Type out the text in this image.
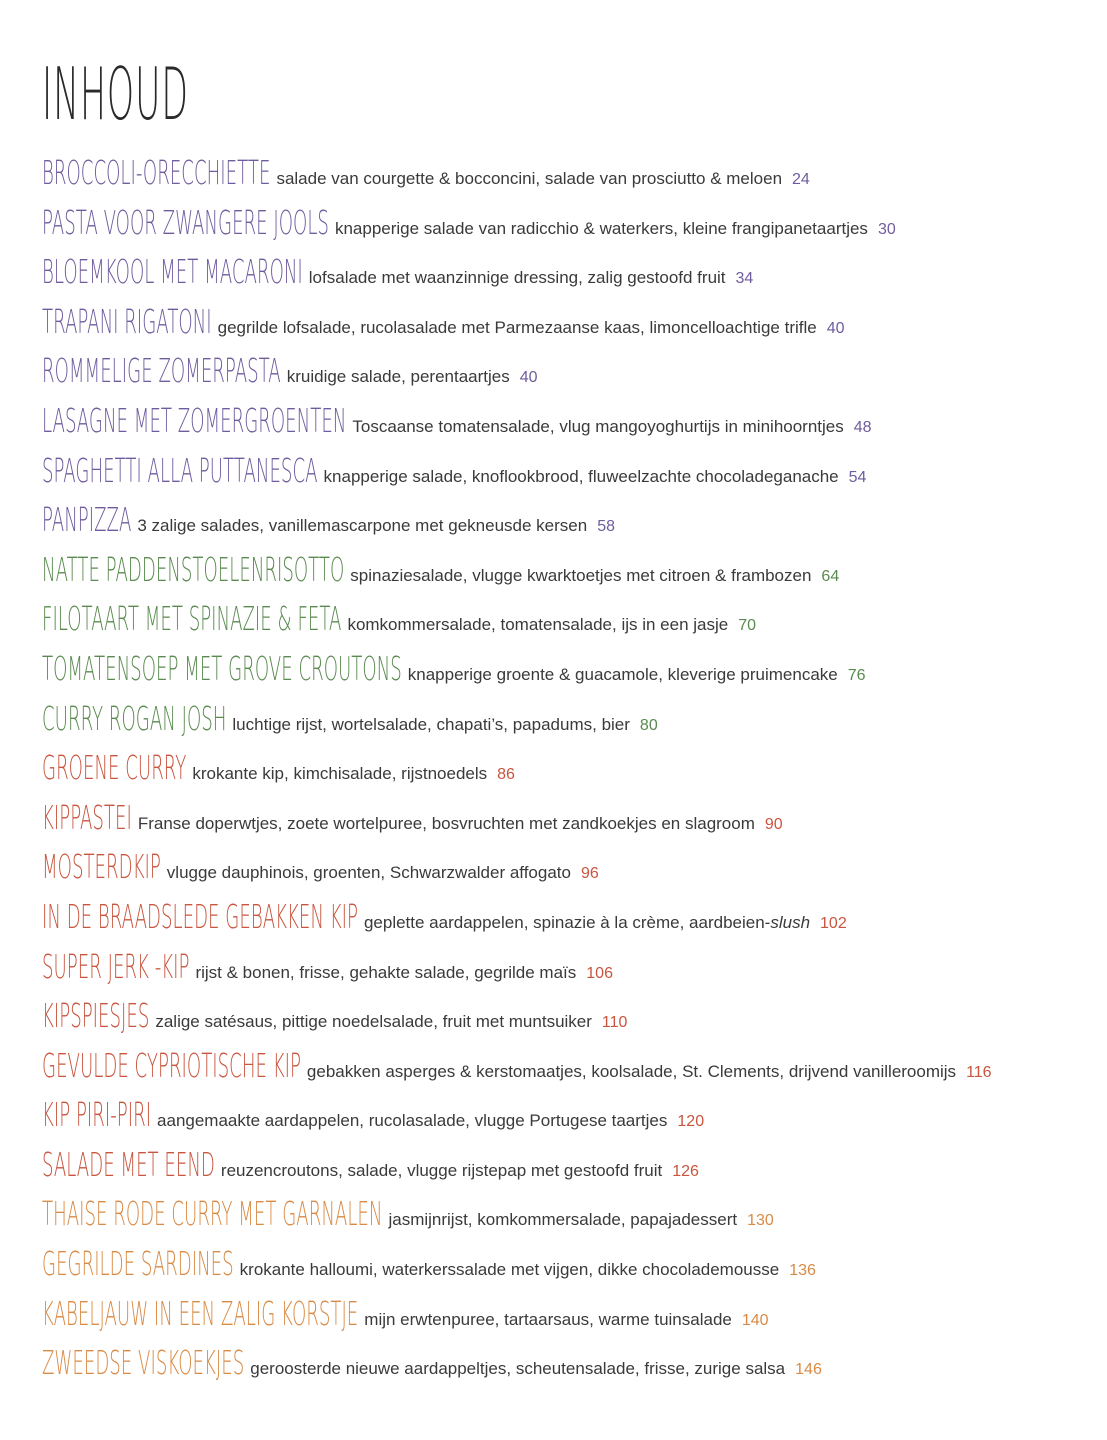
INHOUD
BROCCOLI-ORECCHIETTE salade van courgette & bocconcini, salade van prosciutto & meloen 24
PASTA VOOR ZWANGERE JOOLS knapperige salade van radicchio & waterkers, kleine frangipanetaartjes 30
BLOEMKOOL MET MACARONI lofsalade met waanzinnige dressing, zalig gestoofd fruit 34
TRAPANI RIGATONI gegrilde lofsalade, rucolasalade met Parmezaanse kaas, limoncelloachtige trifle 40
ROMMELIGE ZOMERPASTA kruidige salade, perentaartjes 40
LASAGNE MET ZOMERGROENTEN Toscaanse tomatensalade, vlug mangoyoghurtijs in minihoorntjes 48
SPAGHETTI ALLA PUTTANESCA knapperige salade, knoflookbrood, fluweelzachte chocoladeganache 54
PANPIZZA 3 zalige salades, vanillemascarpone met gekneusde kersen 58
NATTE PADDENSTOELENRISOTTO spinaziesalade, vlugge kwarktoetjes met citroen & frambozen 64
FILOTAART MET SPINAZIE & FETA komkommersalade, tomatensalade, ijs in een jasje 70
TOMATENSOEP MET GROVE CROUTONS knapperige groente & guacamole, kleverige pruimencake 76
CURRY ROGAN JOSH luchtige rijst, wortelsalade, chapati’s, papadums, bier 80
GROENE CURRY krokante kip, kimchisalade, rijstnoedels 86
KIPPASTEI Franse doperwtjes, zoete wortelpuree, bosvruchten met zandkoekjes en slagroom 90
MOSTERDKIP vlugge dauphinois, groenten, Schwarzwalder affogato 96
IN DE BRAADSLEDE GEBAKKEN KIP geplette aardappelen, spinazie à la crème, aardbeien- slush 102
SUPER JERK -KIP rijst & bonen, frisse, gehakte salade, gegrilde maïs 106
KIPSPIESJES zalige satésaus, pittige noedelsalade, fruit met muntsuiker 110
GEVULDE CYPRIOTISCHE KIP gebakken asperges & kerstomaatjes, koolsalade, St. Clements, drijvend vanilleroomijs 116
KIP PIRI-PIRI aangemaakte aardappelen, rucolasalade, vlugge Portugese taartjes 120
SALADE MET EEND reuzencroutons, salade, vlugge rijstepap met gestoofd fruit 126
THAISE RODE CURRY MET GARNALEN jasmijnrijst, komkommersalade, papajadessert 130
GEGRILDE SARDINES krokante halloumi, waterkerssalade met vijgen, dikke chocolademousse 136
KABELJAUW IN EEN ZALIG KORSTJE mijn erwtenpuree, tartaarsaus, warme tuinsalade 140
ZWEEDSE VISKOEKJES geroosterde nieuwe aardappeltjes, scheutensalade, frisse, zurige salsa 146
